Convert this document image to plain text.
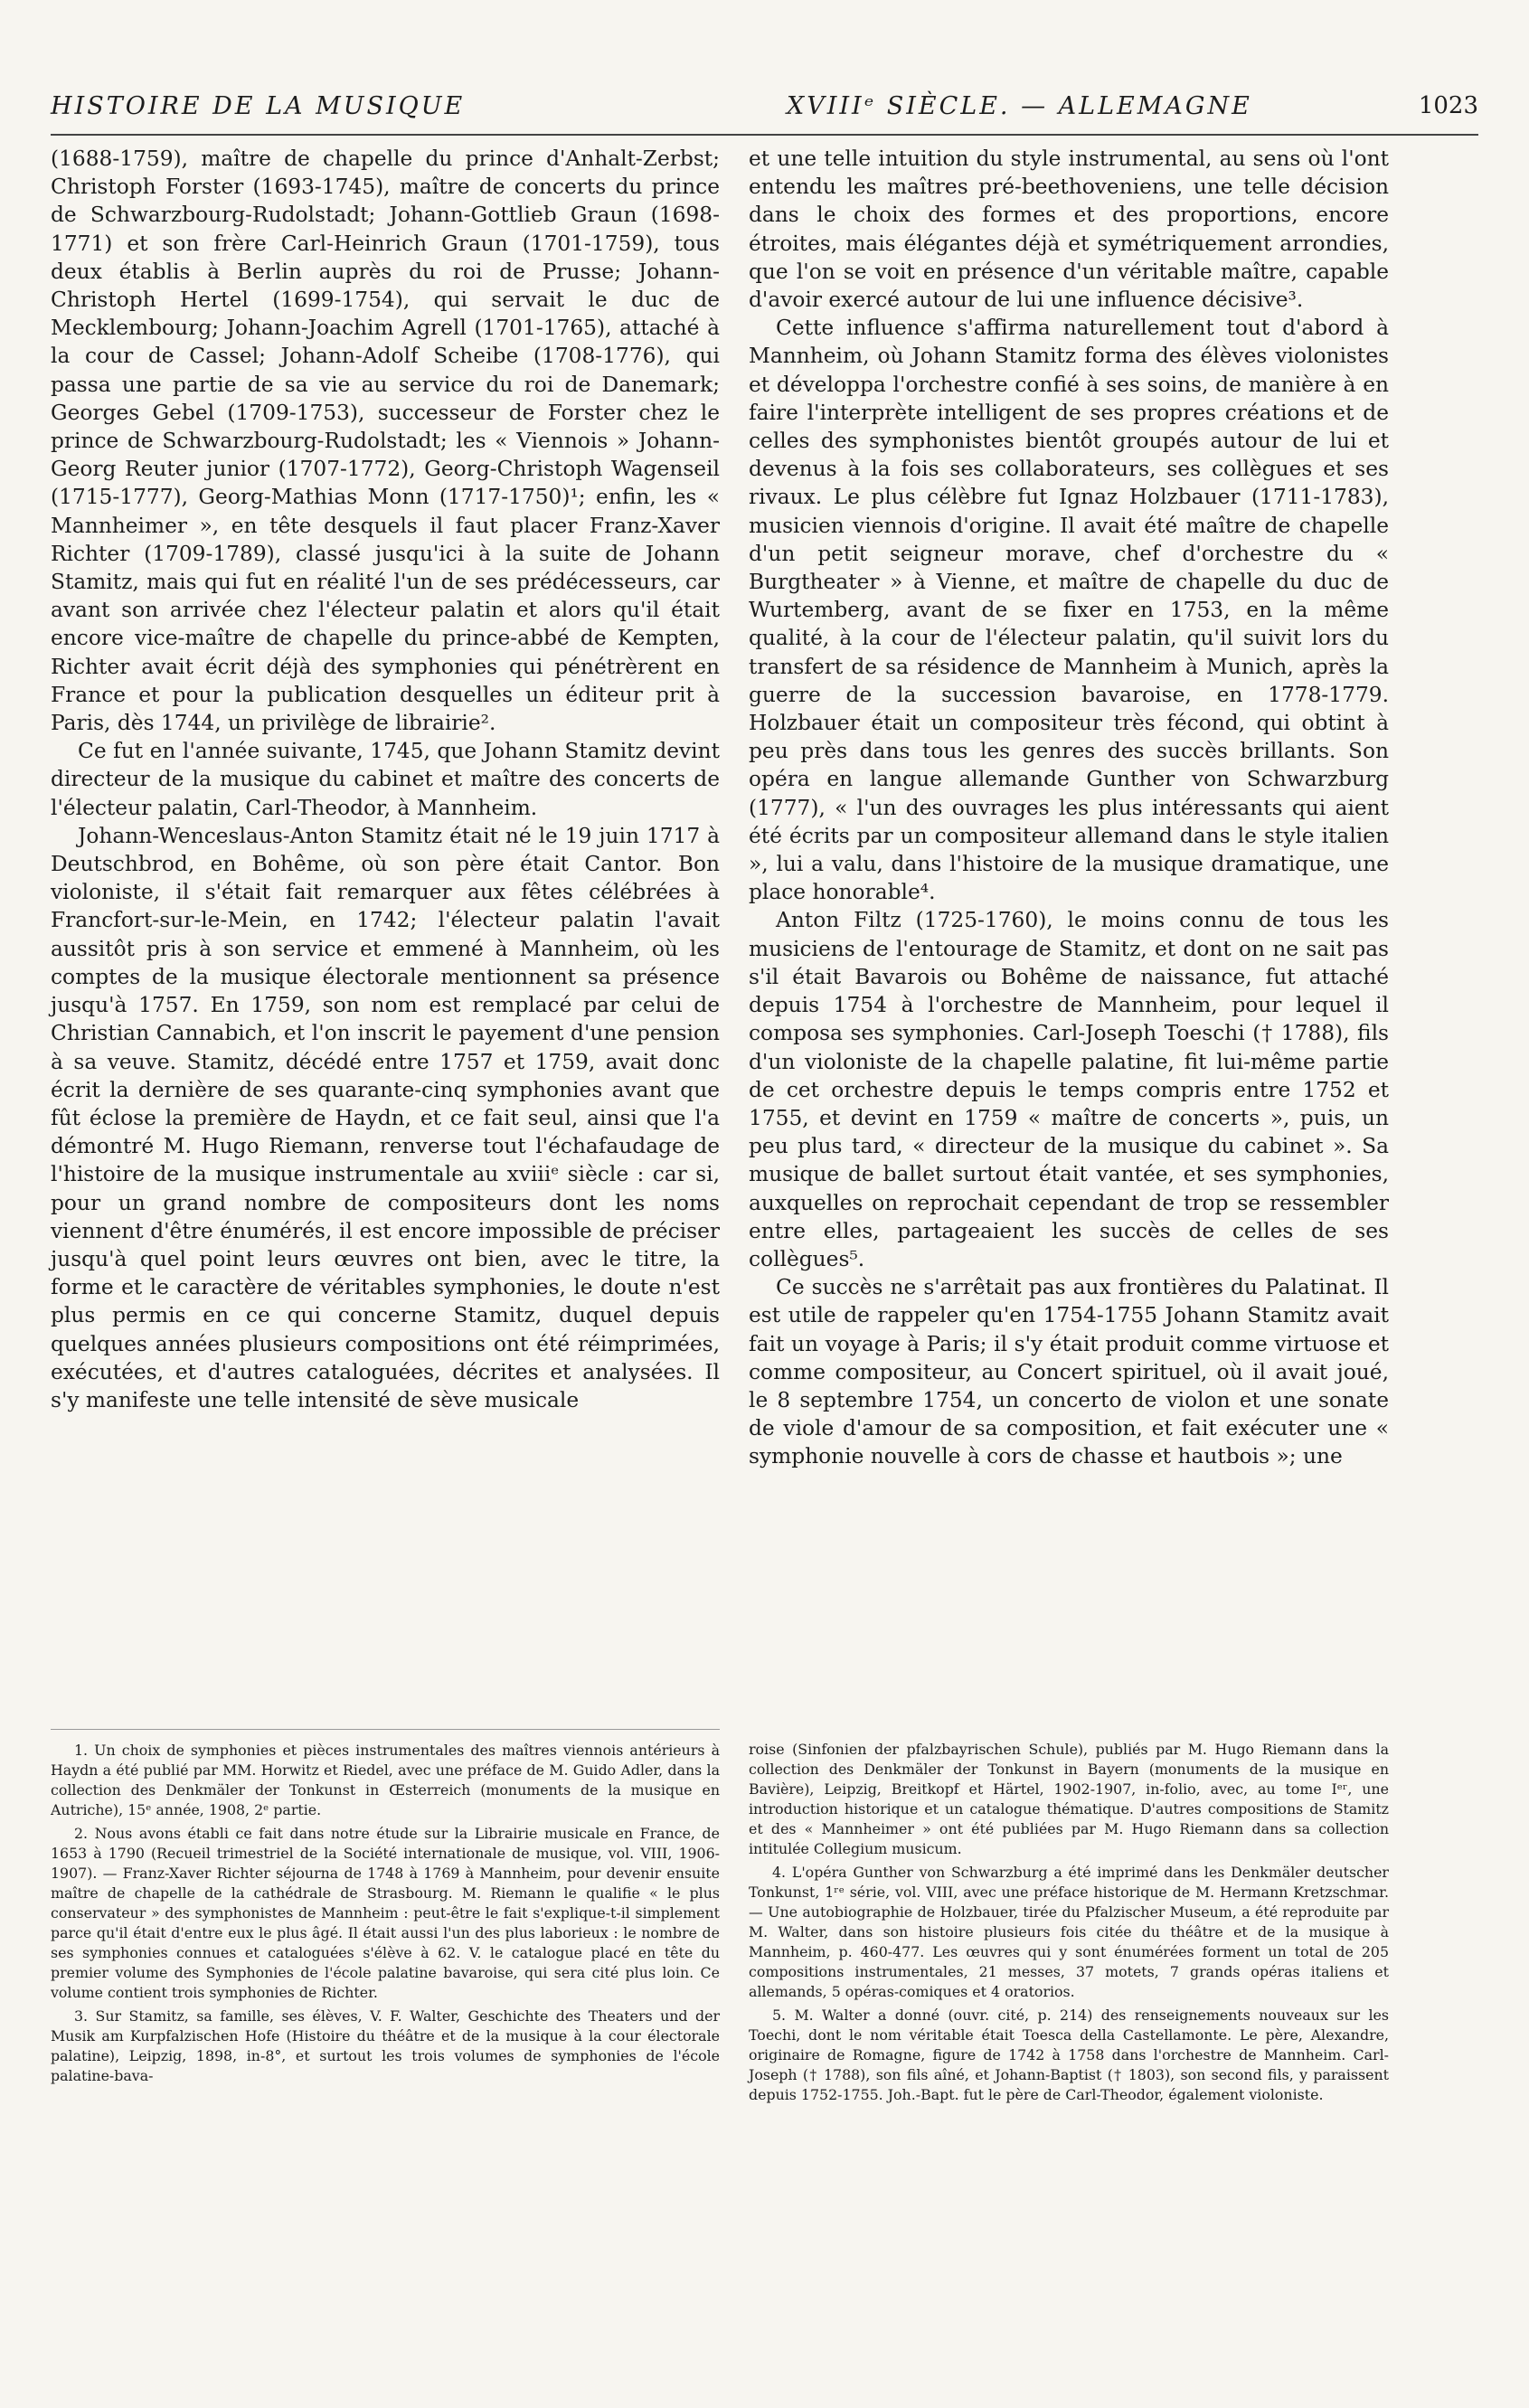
HISTOIRE DE LA MUSIQUE	XVIIIᵉ SIÈCLE. — ALLEMAGNE	1023

(1688-1759), maître de chapelle du prince d'Anhalt-Zerbst; Christoph Forster (1693-1745), maître de concerts du prince de Schwarzbourg-Rudolstadt; Johann-Gottlieb Graun (1698-1771) et son frère Carl-Heinrich Graun (1701-1759), tous deux établis à Berlin auprès du roi de Prusse; Johann-Christoph Hertel (1699-1754), qui servait le duc de Mecklembourg; Johann-Joachim Agrell (1701-1765), attaché à la cour de Cassel; Johann-Adolf Scheibe (1708-1776), qui passa une partie de sa vie au service du roi de Danemark; Georges Gebel (1709-1753), successeur de Forster chez le prince de Schwarzbourg-Rudolstadt; les « Viennois » Johann-Georg Reuter junior (1707-1772), Georg-Christoph Wagenseil (1715-1777), Georg-Mathias Monn (1717-1750)¹; enfin, les « Mannheimer », en tête desquels il faut placer Franz-Xaver Richter (1709-1789), classé jusqu'ici à la suite de Johann Stamitz, mais qui fut en réalité l'un de ses prédécesseurs, car avant son arrivée chez l'électeur palatin et alors qu'il était encore vice-maître de chapelle du prince-abbé de Kempten, Richter avait écrit déjà des symphonies qui pénétrèrent en France et pour la publication desquelles un éditeur prit à Paris, dès 1744, un privilège de librairie².

Ce fut en l'année suivante, 1745, que Johann Stamitz devint directeur de la musique du cabinet et maître des concerts de l'électeur palatin, Carl-Theodor, à Mannheim.

Johann-Wenceslaus-Anton Stamitz était né le 19 juin 1717 à Deutschbrod, en Bohême, où son père était Cantor. Bon violoniste, il s'était fait remarquer aux fêtes célébrées à Francfort-sur-le-Mein, en 1742; l'électeur palatin l'avait aussitôt pris à son service et emmené à Mannheim, où les comptes de la musique électorale mentionnent sa présence jusqu'à 1757. En 1759, son nom est remplacé par celui de Christian Cannabich, et l'on inscrit le payement d'une pension à sa veuve. Stamitz, décédé entre 1757 et 1759, avait donc écrit la dernière de ses quarante-cinq symphonies avant que fût éclose la première de Haydn, et ce fait seul, ainsi que l'a démontré M. Hugo Riemann, renverse tout l'échafaudage de l'histoire de la musique instrumentale au xviiiᵉ siècle : car si, pour un grand nombre de compositeurs dont les noms viennent d'être énumérés, il est encore impossible de préciser jusqu'à quel point leurs œuvres ont bien, avec le titre, la forme et le caractère de véritables symphonies, le doute n'est plus permis en ce qui concerne Stamitz, duquel depuis quelques années plusieurs compositions ont été réimprimées, exécutées, et d'autres cataloguées, décrites et analysées. Il s'y manifeste une telle intensité de sève musicale

et une telle intuition du style instrumental, au sens où l'ont entendu les maîtres pré-beethoveniens, une telle décision dans le choix des formes et des proportions, encore étroites, mais élégantes déjà et symétriquement arrondies, que l'on se voit en présence d'un véritable maître, capable d'avoir exercé autour de lui une influence décisive³.

Cette influence s'affirma naturellement tout d'abord à Mannheim, où Johann Stamitz forma des élèves violonistes et développa l'orchestre confié à ses soins, de manière à en faire l'interprète intelligent de ses propres créations et de celles des symphonistes bientôt groupés autour de lui et devenus à la fois ses collaborateurs, ses collègues et ses rivaux. Le plus célèbre fut Ignaz Holzbauer (1711-1783), musicien viennois d'origine. Il avait été maître de chapelle d'un petit seigneur morave, chef d'orchestre du « Burgtheater » à Vienne, et maître de chapelle du duc de Wurtemberg, avant de se fixer en 1753, en la même qualité, à la cour de l'électeur palatin, qu'il suivit lors du transfert de sa résidence de Mannheim à Munich, après la guerre de la succession bavaroise, en 1778-1779. Holzbauer était un compositeur très fécond, qui obtint à peu près dans tous les genres des succès brillants. Son opéra en langue allemande Gunther von Schwarzburg (1777), « l'un des ouvrages les plus intéressants qui aient été écrits par un compositeur allemand dans le style italien », lui a valu, dans l'histoire de la musique dramatique, une place honorable⁴.

Anton Filtz (1725-1760), le moins connu de tous les musiciens de l'entourage de Stamitz, et dont on ne sait pas s'il était Bavarois ou Bohême de naissance, fut attaché depuis 1754 à l'orchestre de Mannheim, pour lequel il composa ses symphonies. Carl-Joseph Toeschi († 1788), fils d'un violoniste de la chapelle palatine, fit lui-même partie de cet orchestre depuis le temps compris entre 1752 et 1755, et devint en 1759 « maître de concerts », puis, un peu plus tard, « directeur de la musique du cabinet ». Sa musique de ballet surtout était vantée, et ses symphonies, auxquelles on reprochait cependant de trop se ressembler entre elles, partageaient les succès de celles de ses collègues⁵.

Ce succès ne s'arrêtait pas aux frontières du Palatinat. Il est utile de rappeler qu'en 1754-1755 Johann Stamitz avait fait un voyage à Paris; il s'y était produit comme virtuose et comme compositeur, au Concert spirituel, où il avait joué, le 8 septembre 1754, un concerto de violon et une sonate de viole d'amour de sa composition, et fait exécuter une « symphonie nouvelle à cors de chasse et hautbois »; une

1. Un choix de symphonies et pièces instrumentales des maîtres viennois antérieurs à Haydn a été publié par MM. Horwitz et Riedel, avec une préface de M. Guido Adler, dans la collection des Denkmäler der Tonkunst in Œsterreich (monuments de la musique en Autriche), 15ᵉ année, 1908, 2ᵉ partie.

2. Nous avons établi ce fait dans notre étude sur la Librairie musicale en France, de 1653 à 1790 (Recueil trimestriel de la Société internationale de musique, vol. VIII, 1906-1907). — Franz-Xaver Richter séjourna de 1748 à 1769 à Mannheim, pour devenir ensuite maître de chapelle de la cathédrale de Strasbourg. M. Riemann le qualifie « le plus conservateur » des symphonistes de Mannheim : peut-être le fait s'explique-t-il simplement parce qu'il était d'entre eux le plus âgé. Il était aussi l'un des plus laborieux : le nombre de ses symphonies connues et cataloguées s'élève à 62. V. le catalogue placé en tête du premier volume des Symphonies de l'école palatine bavaroise, qui sera cité plus loin. Ce volume contient trois symphonies de Richter.

3. Sur Stamitz, sa famille, ses élèves, V. F. Walter, Geschichte des Theaters und der Musik am Kurpfalzischen Hofe (Histoire du théâtre et de la musique à la cour électorale palatine), Leipzig, 1898, in-8°, et surtout les trois volumes de symphonies de l'école palatine-bava-

roise (Sinfonien der pfalzbayrischen Schule), publiés par M. Hugo Riemann dans la collection des Denkmäler der Tonkunst in Bayern (monuments de la musique en Bavière), Leipzig, Breitkopf et Härtel, 1902-1907, in-folio, avec, au tome Iᵉʳ, une introduction historique et un catalogue thématique. D'autres compositions de Stamitz et des « Mannheimer » ont été publiées par M. Hugo Riemann dans sa collection intitulée Collegium musicum.

4. L'opéra Gunther von Schwarzburg a été imprimé dans les Denkmäler deutscher Tonkunst, 1ʳᵉ série, vol. VIII, avec une préface historique de M. Hermann Kretzschmar. — Une autobiographie de Holzbauer, tirée du Pfalzischer Museum, a été reproduite par M. Walter, dans son histoire plusieurs fois citée du théâtre et de la musique à Mannheim, p. 460-477. Les œuvres qui y sont énumérées forment un total de 205 compositions instrumentales, 21 messes, 37 motets, 7 grands opéras italiens et allemands, 5 opéras-comiques et 4 oratorios.

5. M. Walter a donné (ouvr. cité, p. 214) des renseignements nouveaux sur les Toechi, dont le nom véritable était Toesca della Castellamonte. Le père, Alexandre, originaire de Romagne, figure de 1742 à 1758 dans l'orchestre de Mannheim. Carl-Joseph († 1788), son fils aîné, et Johann-Baptist († 1803), son second fils, y paraissent depuis 1752-1755. Joh.-Bapt. fut le père de Carl-Theodor, également violoniste.
